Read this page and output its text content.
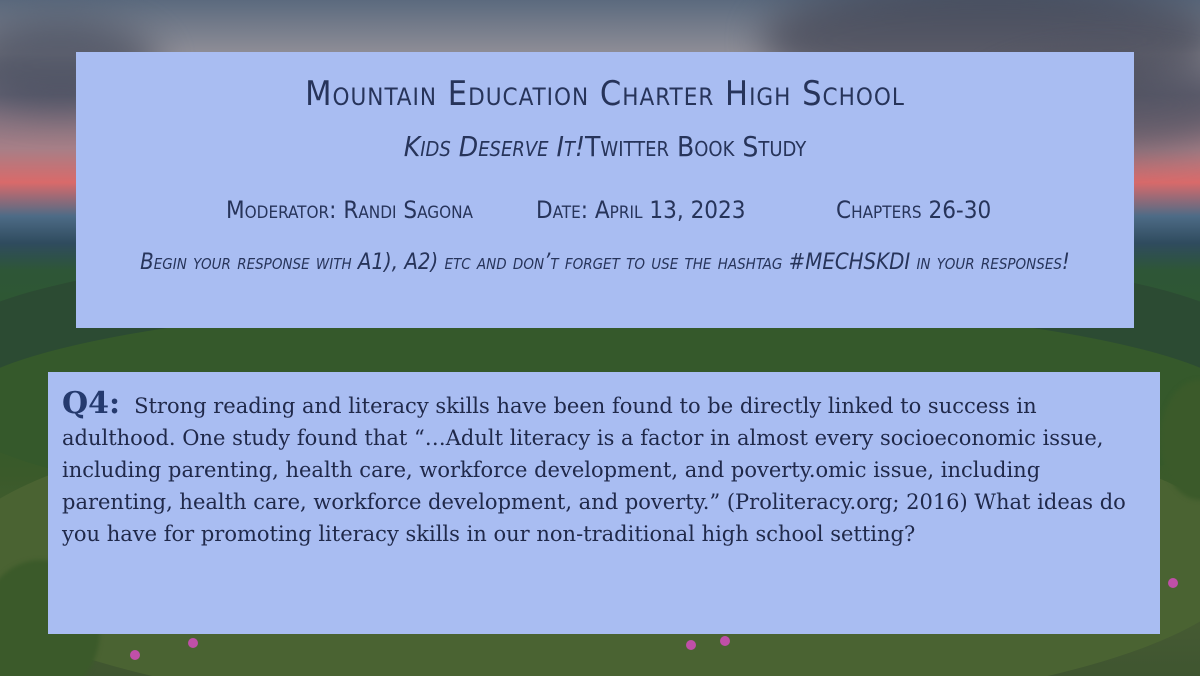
Mountain Education Charter High School
Kids Deserve It!Twitter Book Study
Moderator: Randi Sagona	Date: April 13, 2023	Chapters 26-30
Begin your response with A1), A2) etc and don’t forget to use the hashtag #MECHSKDI in your responses!
Q4: Strong reading and literacy skills have been found to be directly linked to success in adulthood. One study found that “…Adult literacy is a factor in almost every socioeconomic issue, including parenting, health care, workforce development, and poverty.omic issue, including parenting, health care, workforce development, and poverty.” (Proliteracy.org; 2016) What ideas do you have for promoting literacy skills in our non-traditional high school setting?
